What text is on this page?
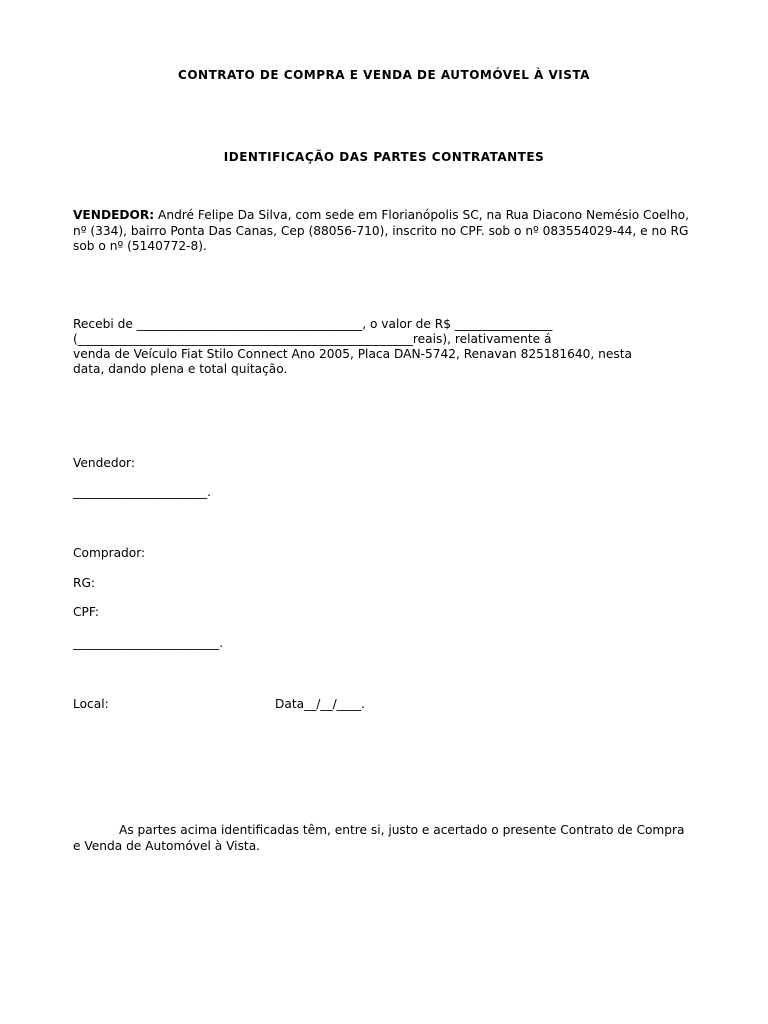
CONTRATO DE COMPRA E VENDA DE AUTOMÓVEL À VISTA
IDENTIFICAÇÃO DAS PARTES CONTRATANTES
VENDEDOR: André Felipe Da Silva, com sede em Florianópolis SC, na Rua Diacono Nemésio Coelho, nº (334), bairro Ponta Das Canas, Cep (88056-710), inscrito no CPF. sob o nº 083554029-44, e no RG sob o nº (5140772-8).
Recebi de _____________________________________, o valor de R$ ________________
(_______________________________________________________reais), relativamente á
venda de Veículo Fiat Stilo Connect Ano 2005, Placa DAN-5742, Renavan 825181640, nesta
data, dando plena e total quitação.
Vendedor:
______________________.
Comprador:
RG:
CPF:
________________________.
Local:	Data__/__/____.
As partes acima identificadas têm, entre si, justo e acertado o presente Contrato de Compra e Venda de Automóvel à Vista.
